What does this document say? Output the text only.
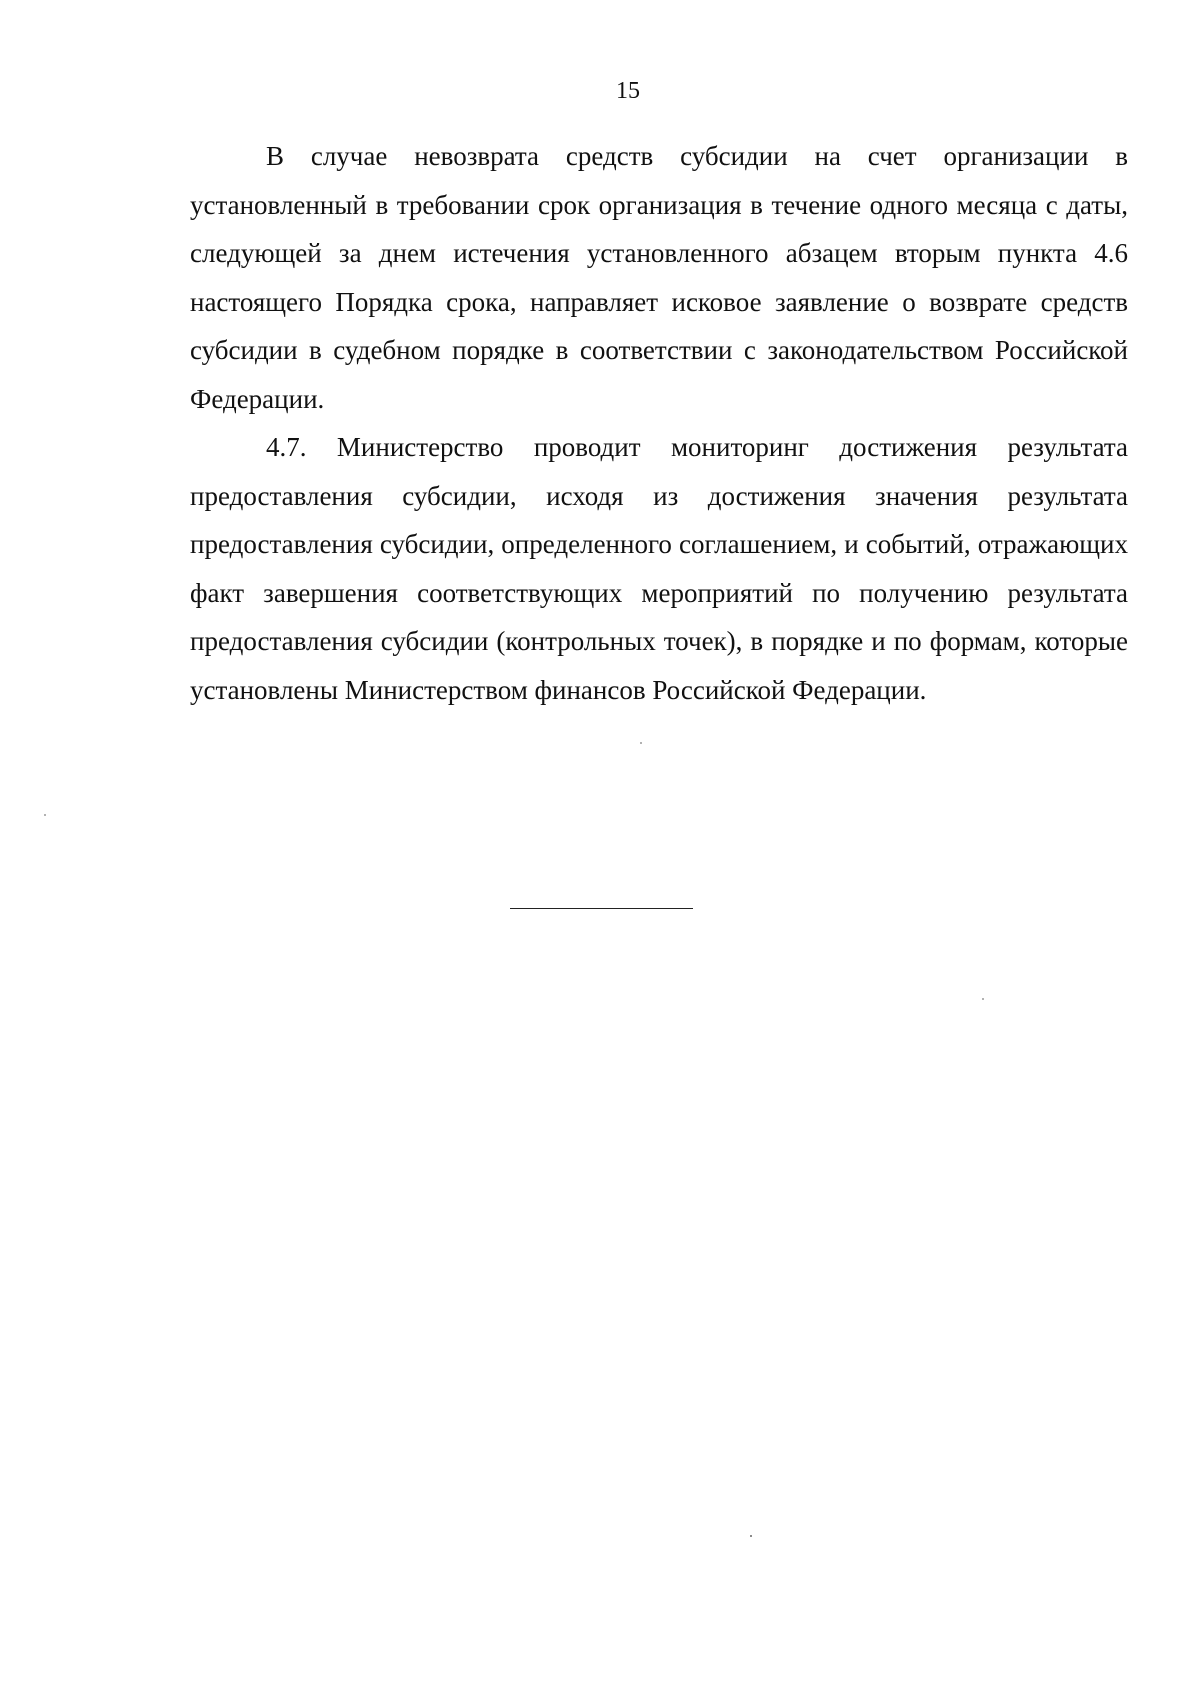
15

В случае невозврата средств субсидии на счет организации в установленный в требовании срок организация в течение одного месяца с даты, следующей за днем истечения установленного абзацем вторым пункта 4.6 настоящего Порядка срока, направляет исковое заявление о возврате средств субсидии в судебном порядке в соответствии с законодательством Российской Федерации.

4.7. Министерство проводит мониторинг достижения результата предоставления субсидии, исходя из достижения значения результата предоставления субсидии, определенного соглашением, и событий, отражающих факт завершения соответствующих мероприятий по получению результата предоставления субсидии (контрольных точек), в порядке и по формам, которые установлены Министерством финансов Российской Федерации.
